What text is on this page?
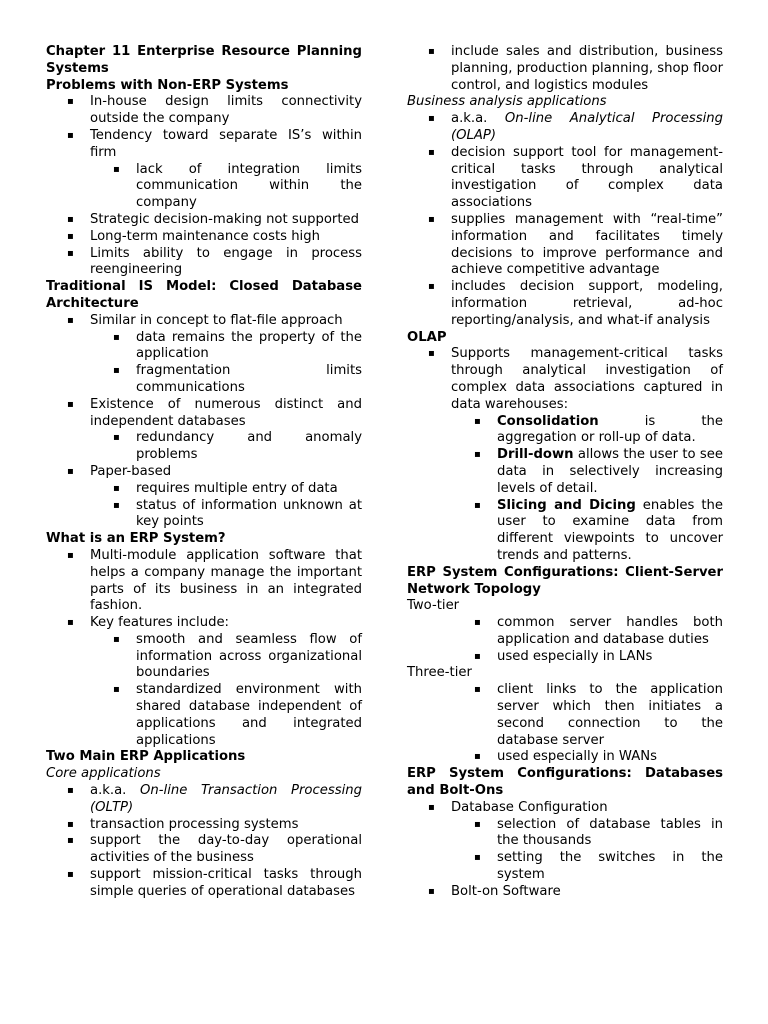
Chapter 11 Enterprise Resource Planning Systems
Problems with Non-ERP Systems
▪ In-house design limits connectivity outside the company
▪ Tendency toward separate IS’s within firm
▪ lack of integration limits communication within the company
▪ Strategic decision-making not supported
▪ Long-term maintenance costs high
▪ Limits ability to engage in process reengineering
Traditional IS Model: Closed Database Architecture
▪ Similar in concept to flat-file approach
▪ data remains the property of the application
▪ fragmentation limits communications
▪ Existence of numerous distinct and independent databases
▪ redundancy and anomaly problems
▪ Paper-based
▪ requires multiple entry of data
▪ status of information unknown at key points
What is an ERP System?
▪ Multi-module application software that helps a company manage the important parts of its business in an integrated fashion.
▪ Key features include:
▪ smooth and seamless flow of information across organizational boundaries
▪ standardized environment with shared database independent of applications and integrated applications
Two Main ERP Applications
Core applications
▪ a.k.a. On-line Transaction Processing (OLTP)
▪ transaction processing systems
▪ support the day-to-day operational activities of the business
▪ support mission-critical tasks through simple queries of operational databases
▪ include sales and distribution, business planning, production planning, shop floor control, and logistics modules
Business analysis applications
▪ a.k.a. On-line Analytical Processing (OLAP)
▪ decision support tool for management-critical tasks through analytical investigation of complex data associations
▪ supplies management with “real-time” information and facilitates timely decisions to improve performance and achieve competitive advantage
▪ includes decision support, modeling, information retrieval, ad-hoc reporting/analysis, and what-if analysis
OLAP
▪ Supports management-critical tasks through analytical investigation of complex data associations captured in data warehouses:
▪ Consolidation is the aggregation or roll-up of data.
▪ Drill-down allows the user to see data in selectively increasing levels of detail.
▪ Slicing and Dicing enables the user to examine data from different viewpoints to uncover trends and patterns.
ERP System Configurations: Client-Server Network Topology
Two-tier
▪ common server handles both application and database duties
▪ used especially in LANs
Three-tier
▪ client links to the application server which then initiates a second connection to the database server
▪ used especially in WANs
ERP System Configurations: Databases and Bolt-Ons
▪ Database Configuration
▪ selection of database tables in the thousands
▪ setting the switches in the system
▪ Bolt-on Software
